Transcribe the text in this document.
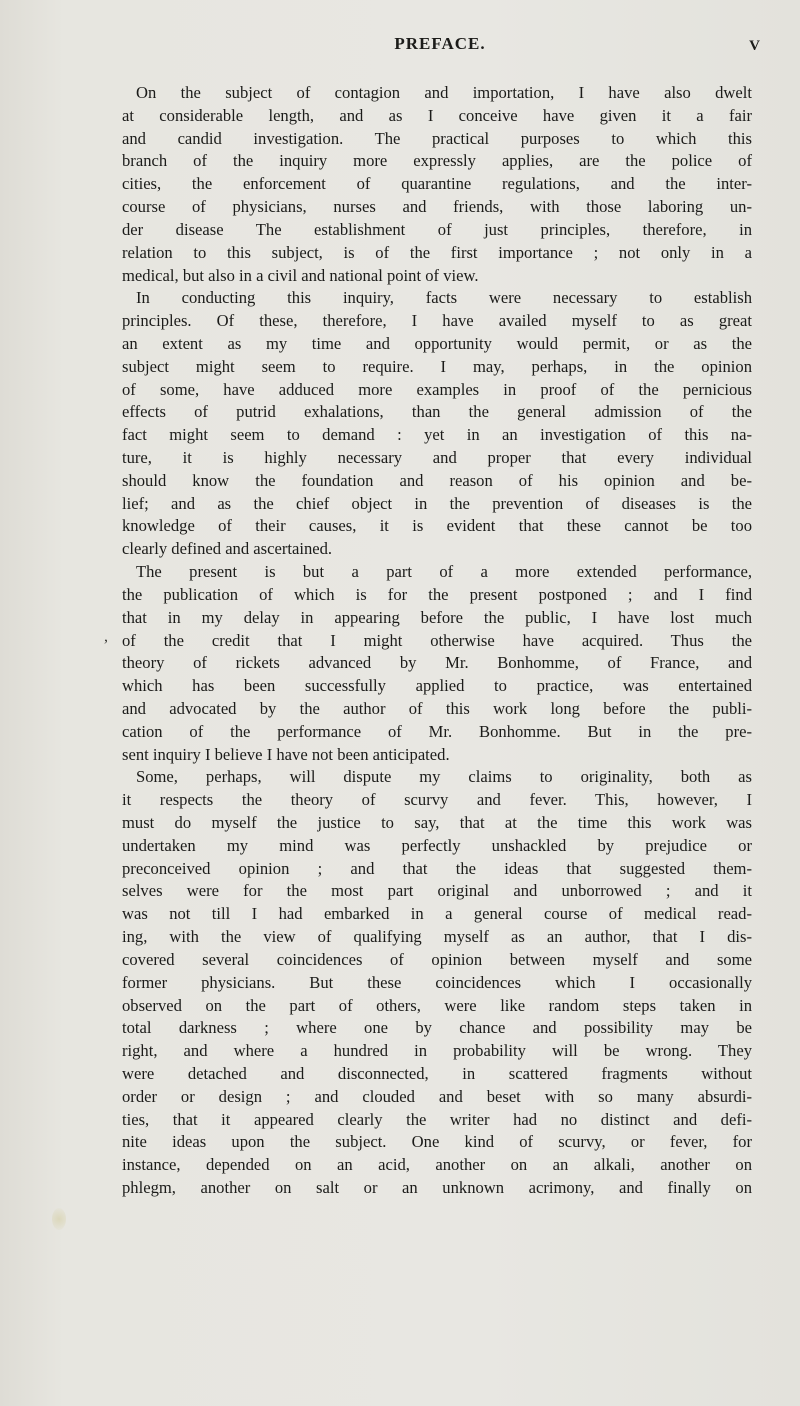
PREFACE.	V
,
On the subject of contagion and importation, I have also dwelt
at considerable length, and as I conceive have given it a fair
and candid investigation. The practical purposes to which this
branch of the inquiry more expressly applies, are the police of
cities, the enforcement of quarantine regulations, and the inter-
course of physicians, nurses and friends, with those laboring un-
der disease The establishment of just principles, therefore, in
relation to this subject, is of the first importance ; not only in a
medical, but also in a civil and national point of view.
In conducting this inquiry, facts were necessary to establish
principles. Of these, therefore, I have availed myself to as great
an extent as my time and opportunity would permit, or as the
subject might seem to require. I may, perhaps, in the opinion
of some, have adduced more examples in proof of the pernicious
effects of putrid exhalations, than the general admission of the
fact might seem to demand : yet in an investigation of this na-
ture, it is highly necessary and proper that every individual
should know the foundation and reason of his opinion and be-
lief; and as the chief object in the prevention of diseases is the
knowledge of their causes, it is evident that these cannot be too
clearly defined and ascertained.
The present is but a part of a more extended performance,
the publication of which is for the present postponed ; and I find
that in my delay in appearing before the public, I have lost much
of the credit that I might otherwise have acquired. Thus the
theory of rickets advanced by Mr. Bonhomme, of France, and
which has been successfully applied to practice, was entertained
and advocated by the author of this work long before the publi-
cation of the performance of Mr. Bonhomme. But in the pre-
sent inquiry I believe I have not been anticipated.
Some, perhaps, will dispute my claims to originality, both as
it respects the theory of scurvy and fever. This, however, I
must do myself the justice to say, that at the time this work was
undertaken my mind was perfectly unshackled by prejudice or
preconceived opinion ; and that the ideas that suggested them-
selves were for the most part original and unborrowed ; and it
was not till I had embarked in a general course of medical read-
ing, with the view of qualifying myself as an author, that I dis-
covered several coincidences of opinion between myself and some
former physicians. But these coincidences which I occasionally
observed on the part of others, were like random steps taken in
total darkness ; where one by chance and possibility may be
right, and where a hundred in probability will be wrong. They
were detached and disconnected, in scattered fragments without
order or design ; and clouded and beset with so many absurdi-
ties, that it appeared clearly the writer had no distinct and defi-
nite ideas upon the subject. One kind of scurvy, or fever, for
instance, depended on an acid, another on an alkali, another on
phlegm, another on salt or an unknown acrimony, and finally on
